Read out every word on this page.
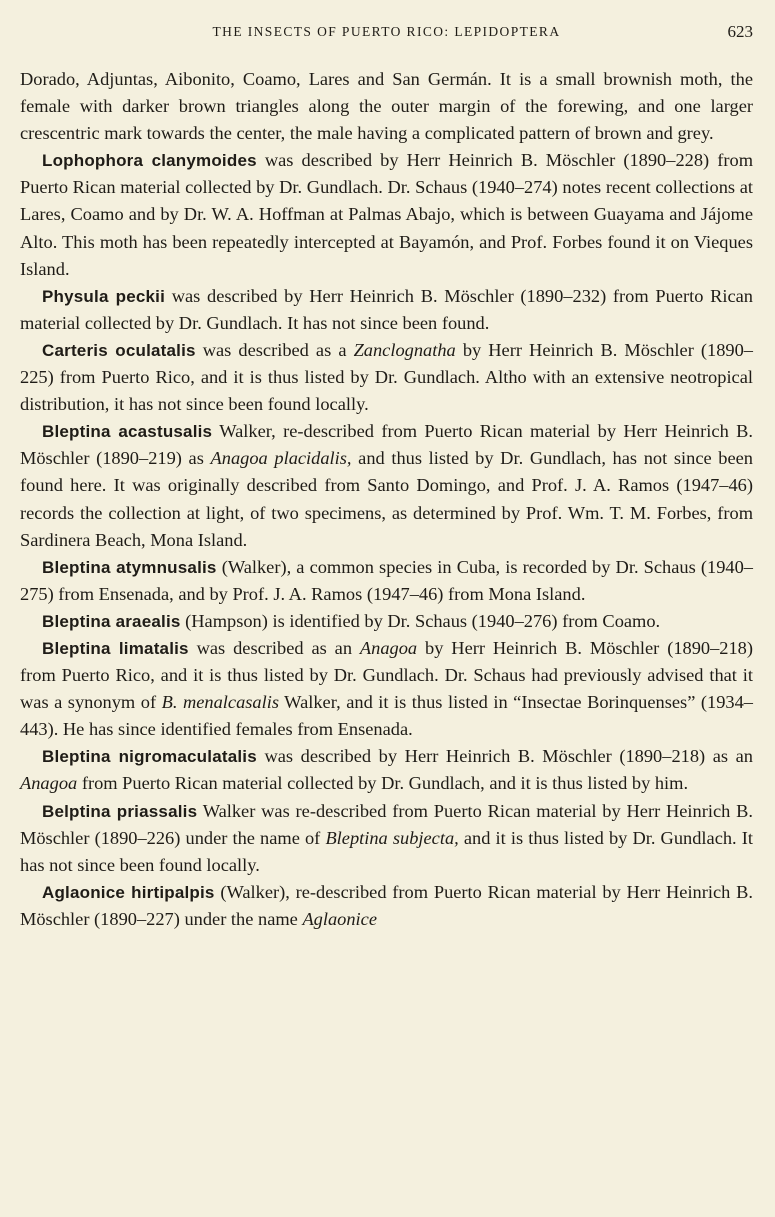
THE INSECTS OF PUERTO RICO: LEPIDOPTERA	623

Dorado, Adjuntas, Aibonito, Coamo, Lares and San Germán. It is a small brownish moth, the female with darker brown triangles along the outer margin of the forewing, and one larger crescentric mark towards the center, the male having a complicated pattern of brown and grey.

Lophophora clanymoides was described by Herr Heinrich B. Möschler (1890–228) from Puerto Rican material collected by Dr. Gundlach. Dr. Schaus (1940–274) notes recent collections at Lares, Coamo and by Dr. W. A. Hoffman at Palmas Abajo, which is between Guayama and Jájome Alto. This moth has been repeatedly intercepted at Bayamón, and Prof. Forbes found it on Vieques Island.

Physula peckii was described by Herr Heinrich B. Möschler (1890–232) from Puerto Rican material collected by Dr. Gundlach. It has not since been found.

Carteris oculatalis was described as a Zanclognatha by Herr Heinrich B. Möschler (1890–225) from Puerto Rico, and it is thus listed by Dr. Gundlach. Altho with an extensive neotropical distribution, it has not since been found locally.

Bleptina acastusalis Walker, re-described from Puerto Rican material by Herr Heinrich B. Möschler (1890–219) as Anagoa placidalis, and thus listed by Dr. Gundlach, has not since been found here. It was originally described from Santo Domingo, and Prof. J. A. Ramos (1947–46) records the collection at light, of two specimens, as determined by Prof. Wm. T. M. Forbes, from Sardinera Beach, Mona Island.

Bleptina atymnusalis (Walker), a common species in Cuba, is recorded by Dr. Schaus (1940–275) from Ensenada, and by Prof. J. A. Ramos (1947–46) from Mona Island.

Bleptina araealis (Hampson) is identified by Dr. Schaus (1940–276) from Coamo.

Bleptina limatalis was described as an Anagoa by Herr Heinrich B. Möschler (1890–218) from Puerto Rico, and it is thus listed by Dr. Gundlach. Dr. Schaus had previously advised that it was a synonym of B. menalcasalis Walker, and it is thus listed in “Insectae Borinquenses” (1934–443). He has since identified females from Ensenada.

Bleptina nigromaculatalis was described by Herr Heinrich B. Möschler (1890–218) as an Anagoa from Puerto Rican material collected by Dr. Gundlach, and it is thus listed by him.

Belptina priassalis Walker was re-described from Puerto Rican material by Herr Heinrich B. Möschler (1890–226) under the name of Bleptina subjecta, and it is thus listed by Dr. Gundlach. It has not since been found locally.

Aglaonice hirtipalpis (Walker), re-described from Puerto Rican material by Herr Heinrich B. Möschler (1890–227) under the name Aglaonice
